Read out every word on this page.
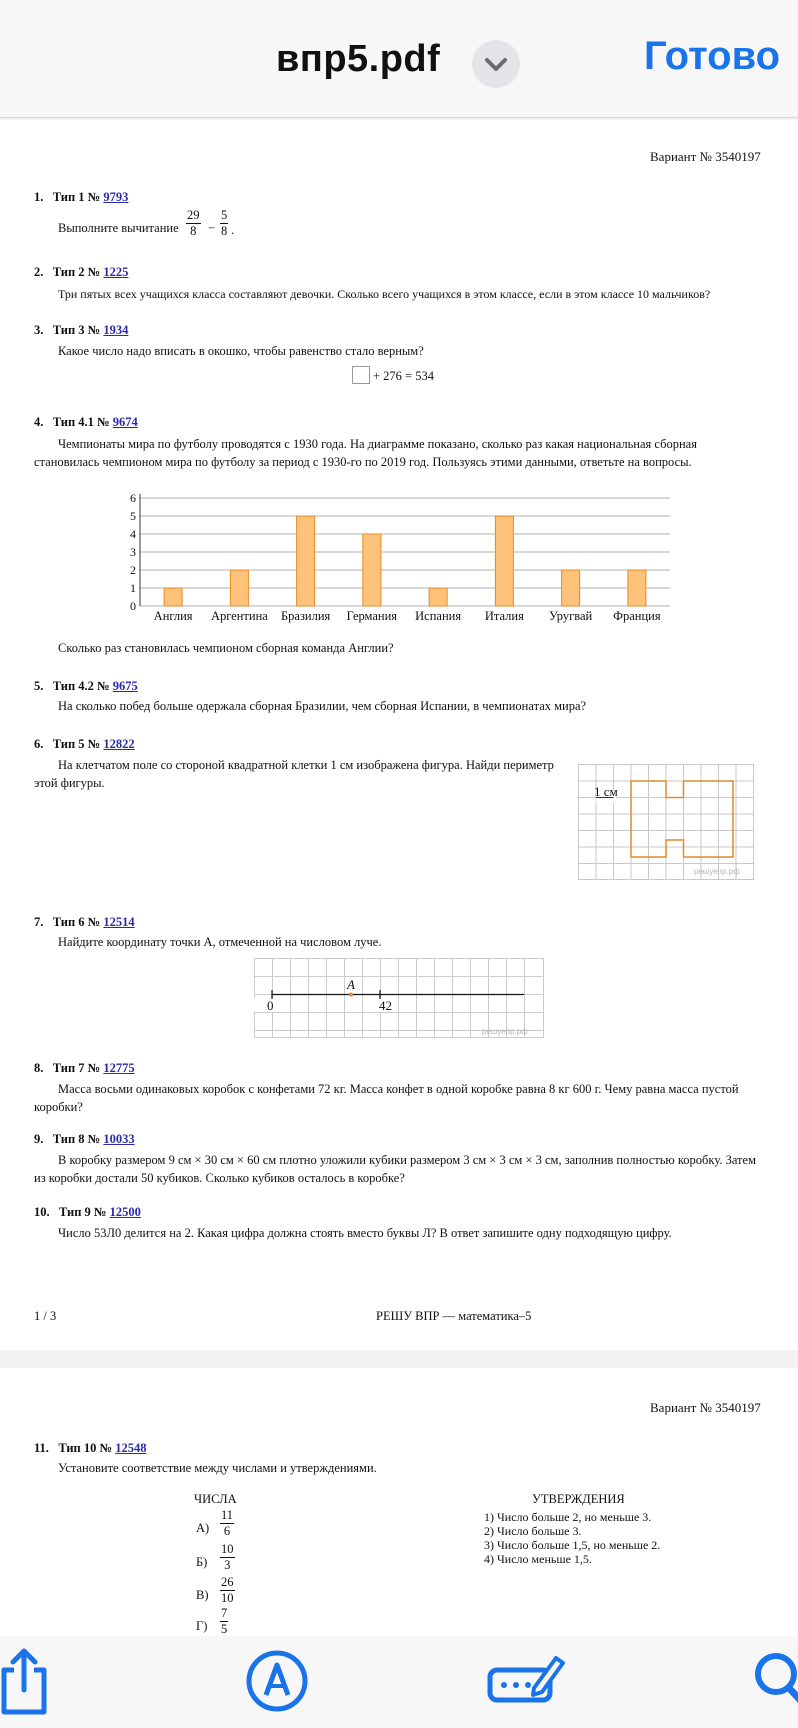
впр5.pdf	Готово
Вариант № 3540197
1. Тип 1 № 9793
Выполните вычитание $\frac{29}{8} - \frac{5}{8}$ .
2. Тип 2 № 1225
Три пятых всех учащихся класса составляют девочки. Сколько всего учащихся в этом классе, если в этом классе 10 мальчиков?
3. Тип 3 № 1934
Какое число надо вписать в окошко, чтобы равенство стало верным?
+ 276 = 534
4. Тип 4.1 № 9674
Чемпионаты мира по футболу проводятся с 1930 года. На диаграмме показано, сколько раз какая национальная сборная становилась чемпионом мира по футболу за период с 1930-го по 2019 год. Пользуясь этими данными, ответьте на вопросы.
0
1
2
3
4
5
6
Англия Аргентина Бразилия Германия Испания Италия Уругвай Франция
Сколько раз становилась чемпионом сборная команда Англии?
5. Тип 4.2 № 9675
На сколько побед больше одержала сборная Бразилии, чем сборная Испании, в чемпионатах мира?
6. Тип 5 № 12822
На клетчатом поле со стороной квадратной клетки 1 см изображена фигура. Найди периметр этой фигуры.
1 см
решуепр.рф
7. Тип 6 № 12514
Найдите координату точки A, отмеченной на числовом луче.
A
0	42
решуепр.рф
8. Тип 7 № 12775
Масса восьми одинаковых коробок с конфетами 72 кг. Масса конфет в одной коробке равна 8 кг 600 г. Чему равна масса пустой коробки?
9. Тип 8 № 10033
В коробку размером 9 см × 30 см × 60 см плотно уложили кубики размером 3 см × 3 см × 3 см, заполнив полностью коробку. Затем из коробки достали 50 кубиков. Сколько кубиков осталось в коробке?
10. Тип 9 № 12500
Число 53Л0 делится на 2. Какая цифра должна стоять вместо буквы Л? В ответ запишите одну подходящую цифру.
1 / 3	РЕШУ ВПР — математика–5
Вариант № 3540197
11. Тип 10 № 12548
Установите соответствие между числами и утверждениями.
ЧИСЛА	УТВЕРЖДЕНИЯ
$А) \frac{11}{6}$
$Б) \frac{10}{3}$
$В) \frac{26}{10}$
$Г) \frac{7}{5}$
1) Число больше 2, но меньше 3.
2) Число больше 3.
3) Число больше 1,5, но меньше 2.
4) Число меньше 1,5.
